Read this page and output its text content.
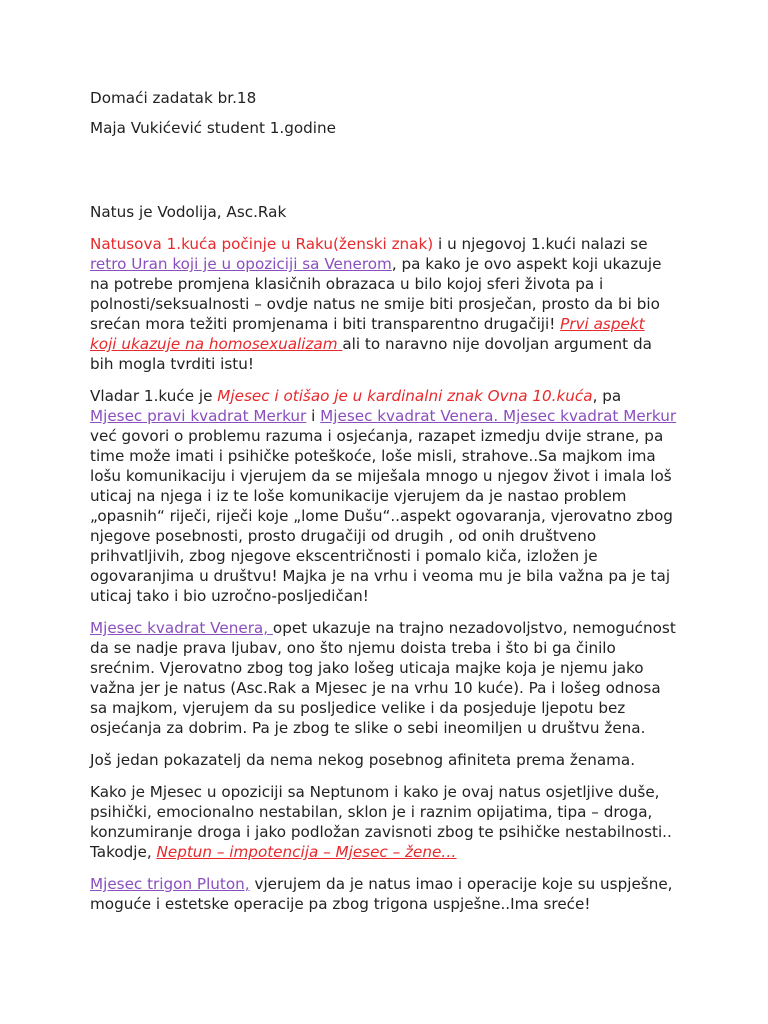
Domaći zadatak br.18

Maja Vukićević student 1.godine

Natus je Vodolija, Asc.Rak

Natusova 1.kuća počinje u Raku(ženski znak) i u njegovoj 1.kući nalazi se
retro Uran koji je u opoziciji sa Venerom, pa kako je ovo aspekt koji ukazuje
na potrebe promjena klasičnih obrazaca u bilo kojoj sferi života pa i
polnosti/seksualnosti – ovdje natus ne smije biti prosječan, prosto da bi bio
srećan mora težiti promjenama i biti transparentno drugačiji! Prvi aspekt
koji ukazuje na homosexualizam ali to naravno nije dovoljan argument da
bih mogla tvrditi istu!
Vladar 1.kuće je Mjesec i otišao je u kardinalni znak Ovna 10.kuća, pa
Mjesec pravi kvadrat Merkur i Mjesec kvadrat Venera. Mjesec kvadrat Merkur
već govori o problemu razuma i osjećanja, razapet izmedju dvije strane, pa
time može imati i psihičke poteškoće, loše misli, strahove..Sa majkom ima
lošu komunikaciju i vjerujem da se miješala mnogo u njegov život i imala loš
uticaj na njega i iz te loše komunikacije vjerujem da je nastao problem
„opasnih“ riječi, riječi koje „lome Dušu“..aspekt ogovaranja, vjerovatno zbog
njegove posebnosti, prosto drugačiji od drugih , od onih društveno
prihvatljivih, zbog njegove ekscentričnosti i pomalo kiča, izložen je
ogovaranjima u društvu! Majka je na vrhu i veoma mu je bila važna pa je taj
uticaj tako i bio uzročno-posljedičan!
Mjesec kvadrat Venera, opet ukazuje na trajno nezadovoljstvo, nemogućnost
da se nadje prava ljubav, ono što njemu doista treba i što bi ga činilo
srećnim. Vjerovatno zbog tog jako lošeg uticaja majke koja je njemu jako
važna jer je natus (Asc.Rak a Mjesec je na vrhu 10 kuće). Pa i lošeg odnosa
sa majkom, vjerujem da su posljedice velike i da posjeduje ljepotu bez
osjećanja za dobrim. Pa je zbog te slike o sebi ineomiljen u društvu žena.

Još jedan pokazatelj da nema nekog posebnog afiniteta prema ženama.

Kako je Mjesec u opoziciji sa Neptunom i kako je ovaj natus osjetljive duše,
psihički, emocionalno nestabilan, sklon je i raznim opijatima, tipa – droga,
konzumiranje droga i jako podložan zavisnoti zbog te psihičke nestabilnosti..
Takodje, Neptun – impotencija – Mjesec – žene…
Mjesec trigon Pluton, vjerujem da je natus imao i operacije koje su uspješne,
moguće i estetske operacije pa zbog trigona uspješne..Ima sreće!
